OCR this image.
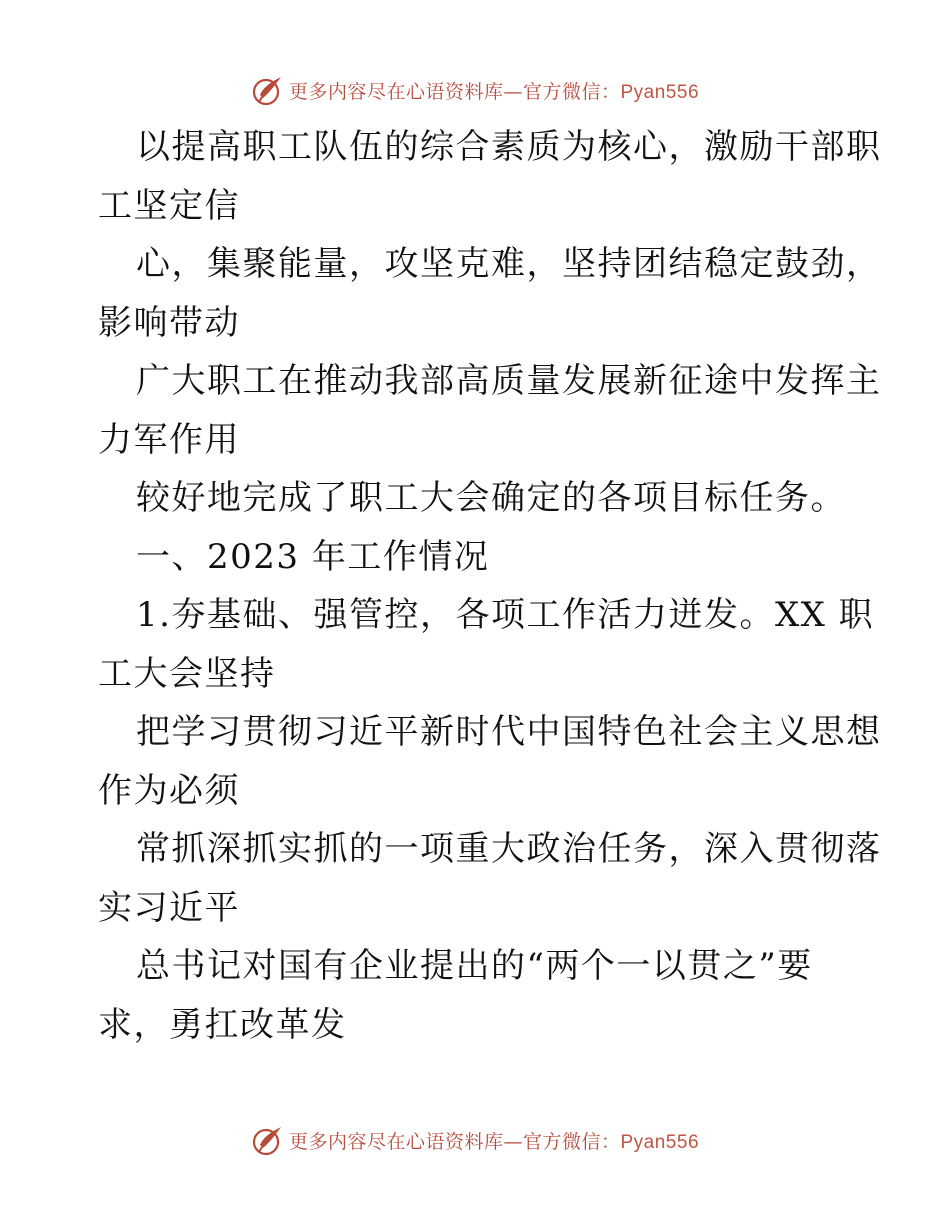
更多内容尽在心语资料库—官方微信：Pyan556
以提高职工队伍的综合素质为核心，激励干部职
工坚定信
心，集聚能量，攻坚克难，坚持团结稳定鼓劲，
影响带动
广大职工在推动我部高质量发展新征途中发挥主
力军作用
较好地完成了职工大会确定的各项目标任务。
一、2023 年工作情况
1.夯基础、强管控，各项工作活力迸发。XX 职
工大会坚持
把学习贯彻习近平新时代中国特色社会主义思想
作为必须
常抓深抓实抓的一项重大政治任务，深入贯彻落
实习近平
总书记对国有企业提出的“两个一以贯之”要
求，勇扛改革发
更多内容尽在心语资料库—官方微信：Pyan556
